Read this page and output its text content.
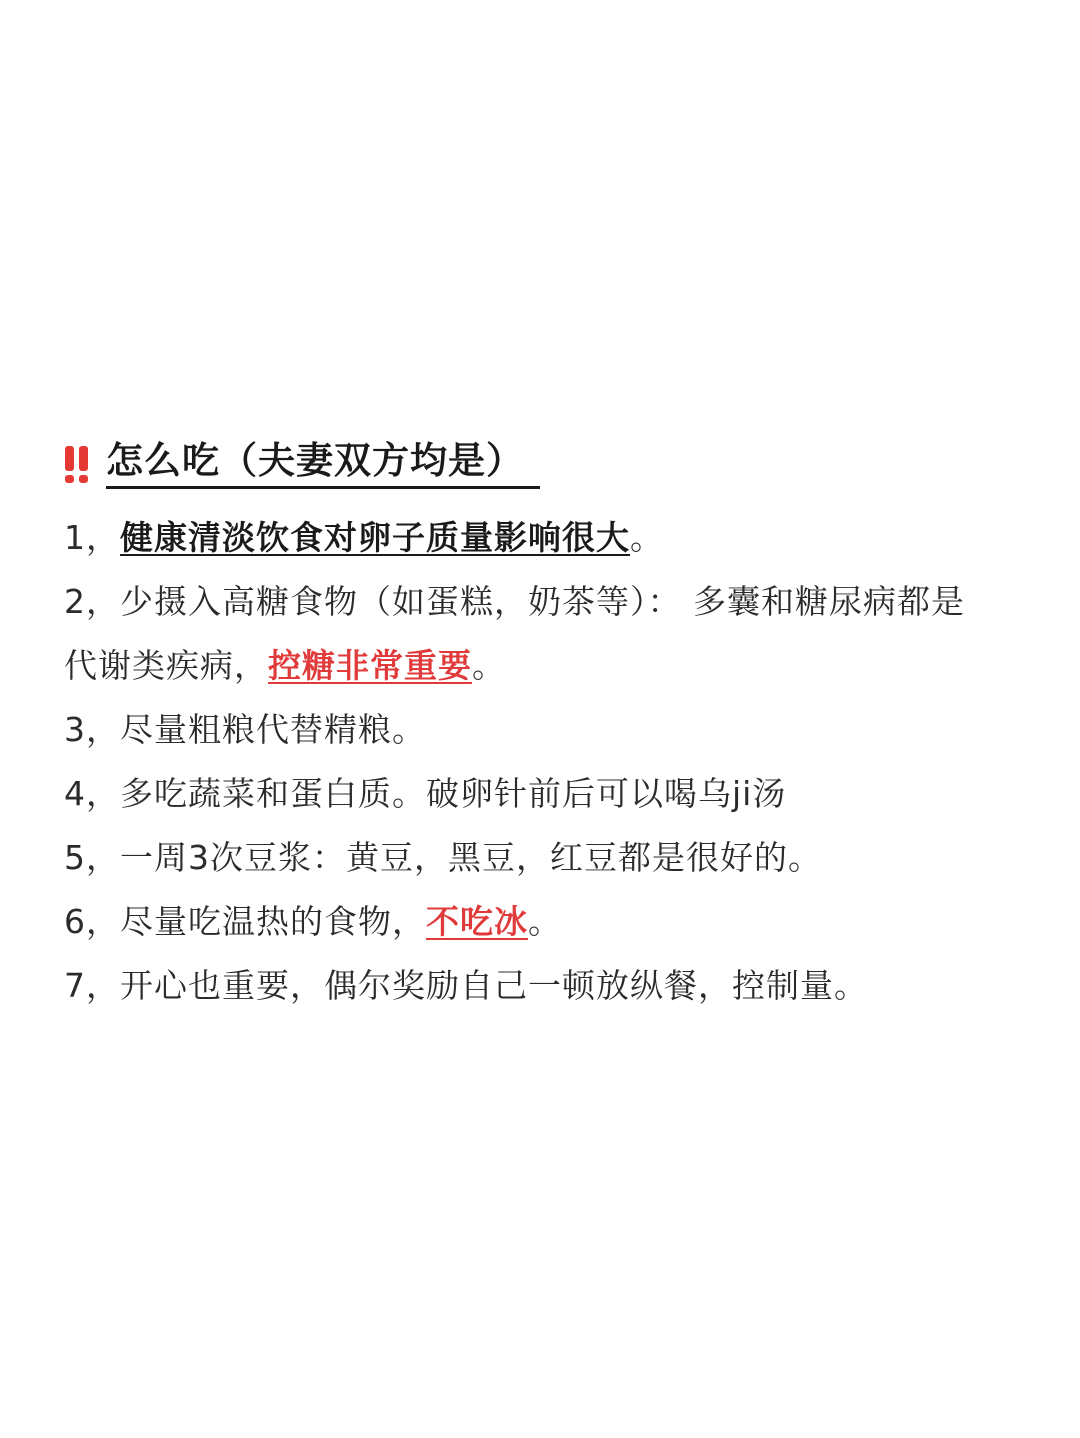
怎么吃（夫妻双方均是）
1，健康清淡饮食对卵子质量影响很大。
2，少摄入高糖食物（如蛋糕，奶茶等）： 多囊和糖尿病都是
代谢类疾病，控糖非常重要。
3，尽量粗粮代替精粮。
4，多吃蔬菜和蛋白质。破卵针前后可以喝乌ji汤
5，一周3次豆浆：黄豆，黑豆，红豆都是很好的。
6，尽量吃温热的食物，不吃冰。
7，开心也重要，偶尔奖励自己一顿放纵餐，控制量。
